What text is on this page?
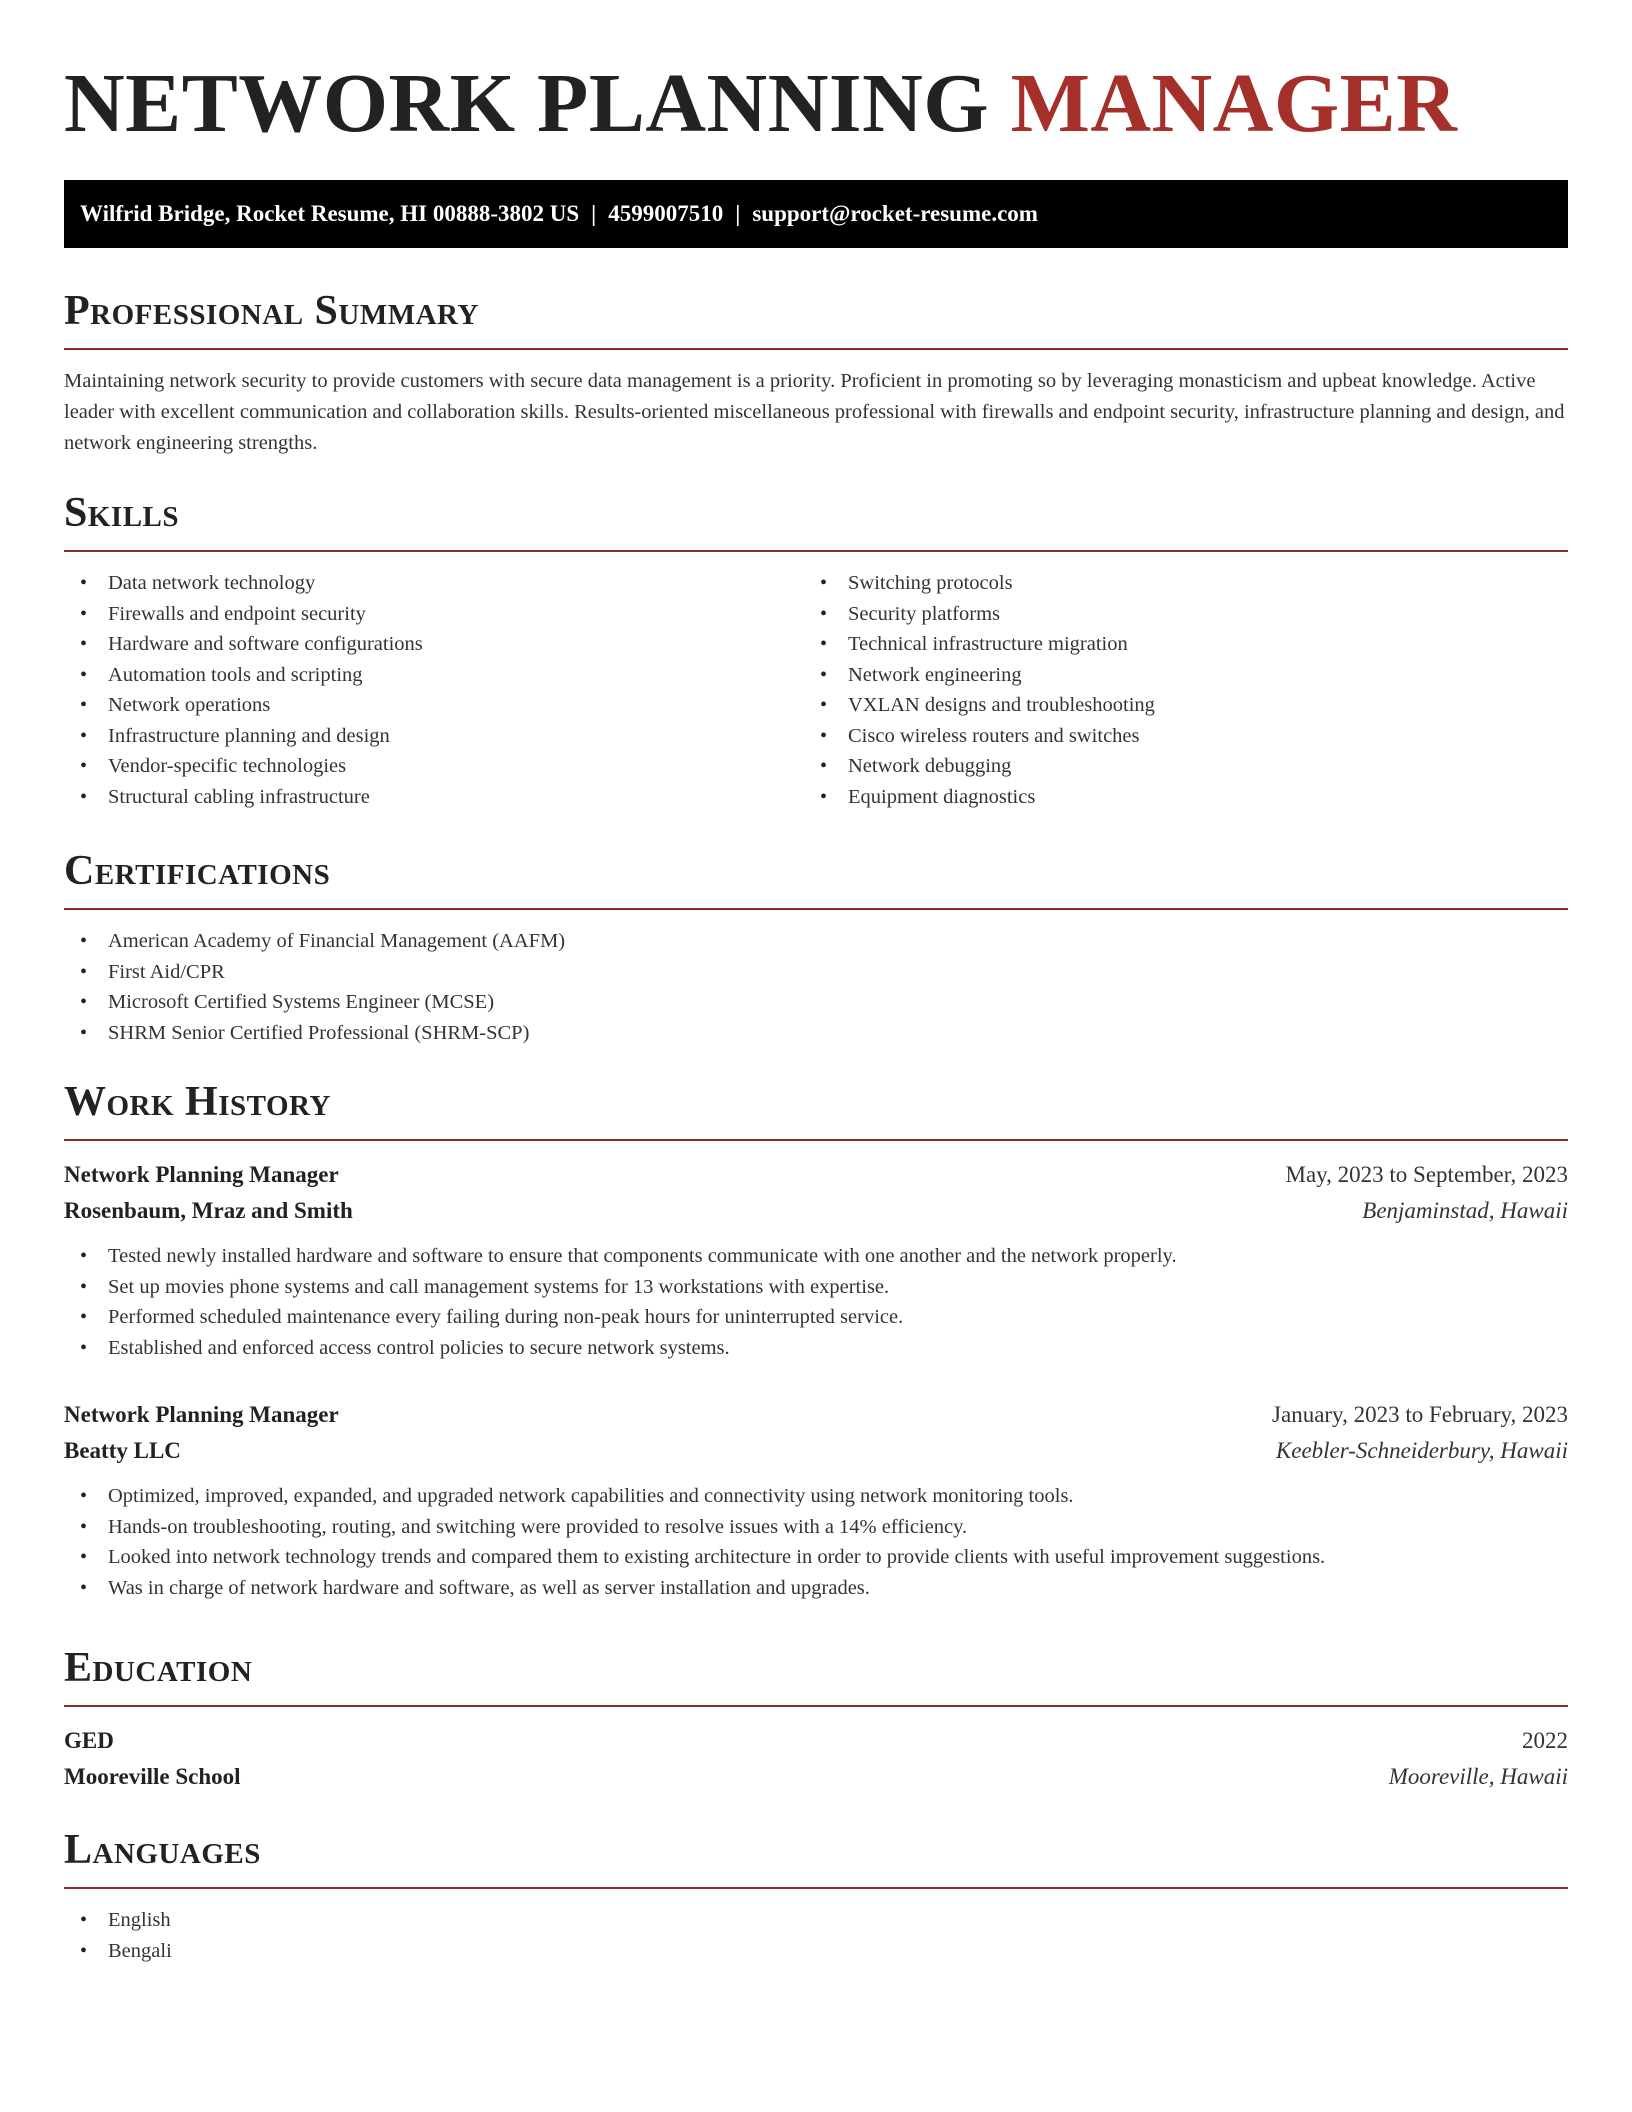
NETWORK PLANNING MANAGER
Wilfrid Bridge, Rocket Resume, HI 00888-3802 US | 4599007510 | support@rocket-resume.com
Professional Summary

Maintaining network security to provide customers with secure data management is a priority. Proficient in promoting so by leveraging monasticism and upbeat knowledge. Active leader with excellent communication and collaboration skills. Results-oriented miscellaneous professional with firewalls and endpoint security, infrastructure planning and design, and network engineering strengths.

Skills
• Data network technology
• Firewalls and endpoint security
• Hardware and software configurations
• Automation tools and scripting
• Network operations
• Infrastructure planning and design
• Vendor-specific technologies
• Structural cabling infrastructure
• Switching protocols
• Security platforms
• Technical infrastructure migration
• Network engineering
• VXLAN designs and troubleshooting
• Cisco wireless routers and switches
• Network debugging
• Equipment diagnostics
Certifications
• American Academy of Financial Management (AAFM)
• First Aid/CPR
• Microsoft Certified Systems Engineer (MCSE)
• SHRM Senior Certified Professional (SHRM-SCP)
Work History
Network Planning Manager	May, 2023 to September, 2023
Rosenbaum, Mraz and Smith	Benjaminstad, Hawaii
• Tested newly installed hardware and software to ensure that components communicate with one another and the network properly.
• Set up movies phone systems and call management systems for 13 workstations with expertise.
• Performed scheduled maintenance every failing during non-peak hours for uninterrupted service.
• Established and enforced access control policies to secure network systems.
Network Planning Manager	January, 2023 to February, 2023
Beatty LLC	Keebler-Schneiderbury, Hawaii
• Optimized, improved, expanded, and upgraded network capabilities and connectivity using network monitoring tools.
• Hands-on troubleshooting, routing, and switching were provided to resolve issues with a 14% efficiency.
• Looked into network technology trends and compared them to existing architecture in order to provide clients with useful improvement suggestions.
• Was in charge of network hardware and software, as well as server installation and upgrades.
Education
GED	2022
Mooreville School	Mooreville, Hawaii
Languages
• English
• Bengali
